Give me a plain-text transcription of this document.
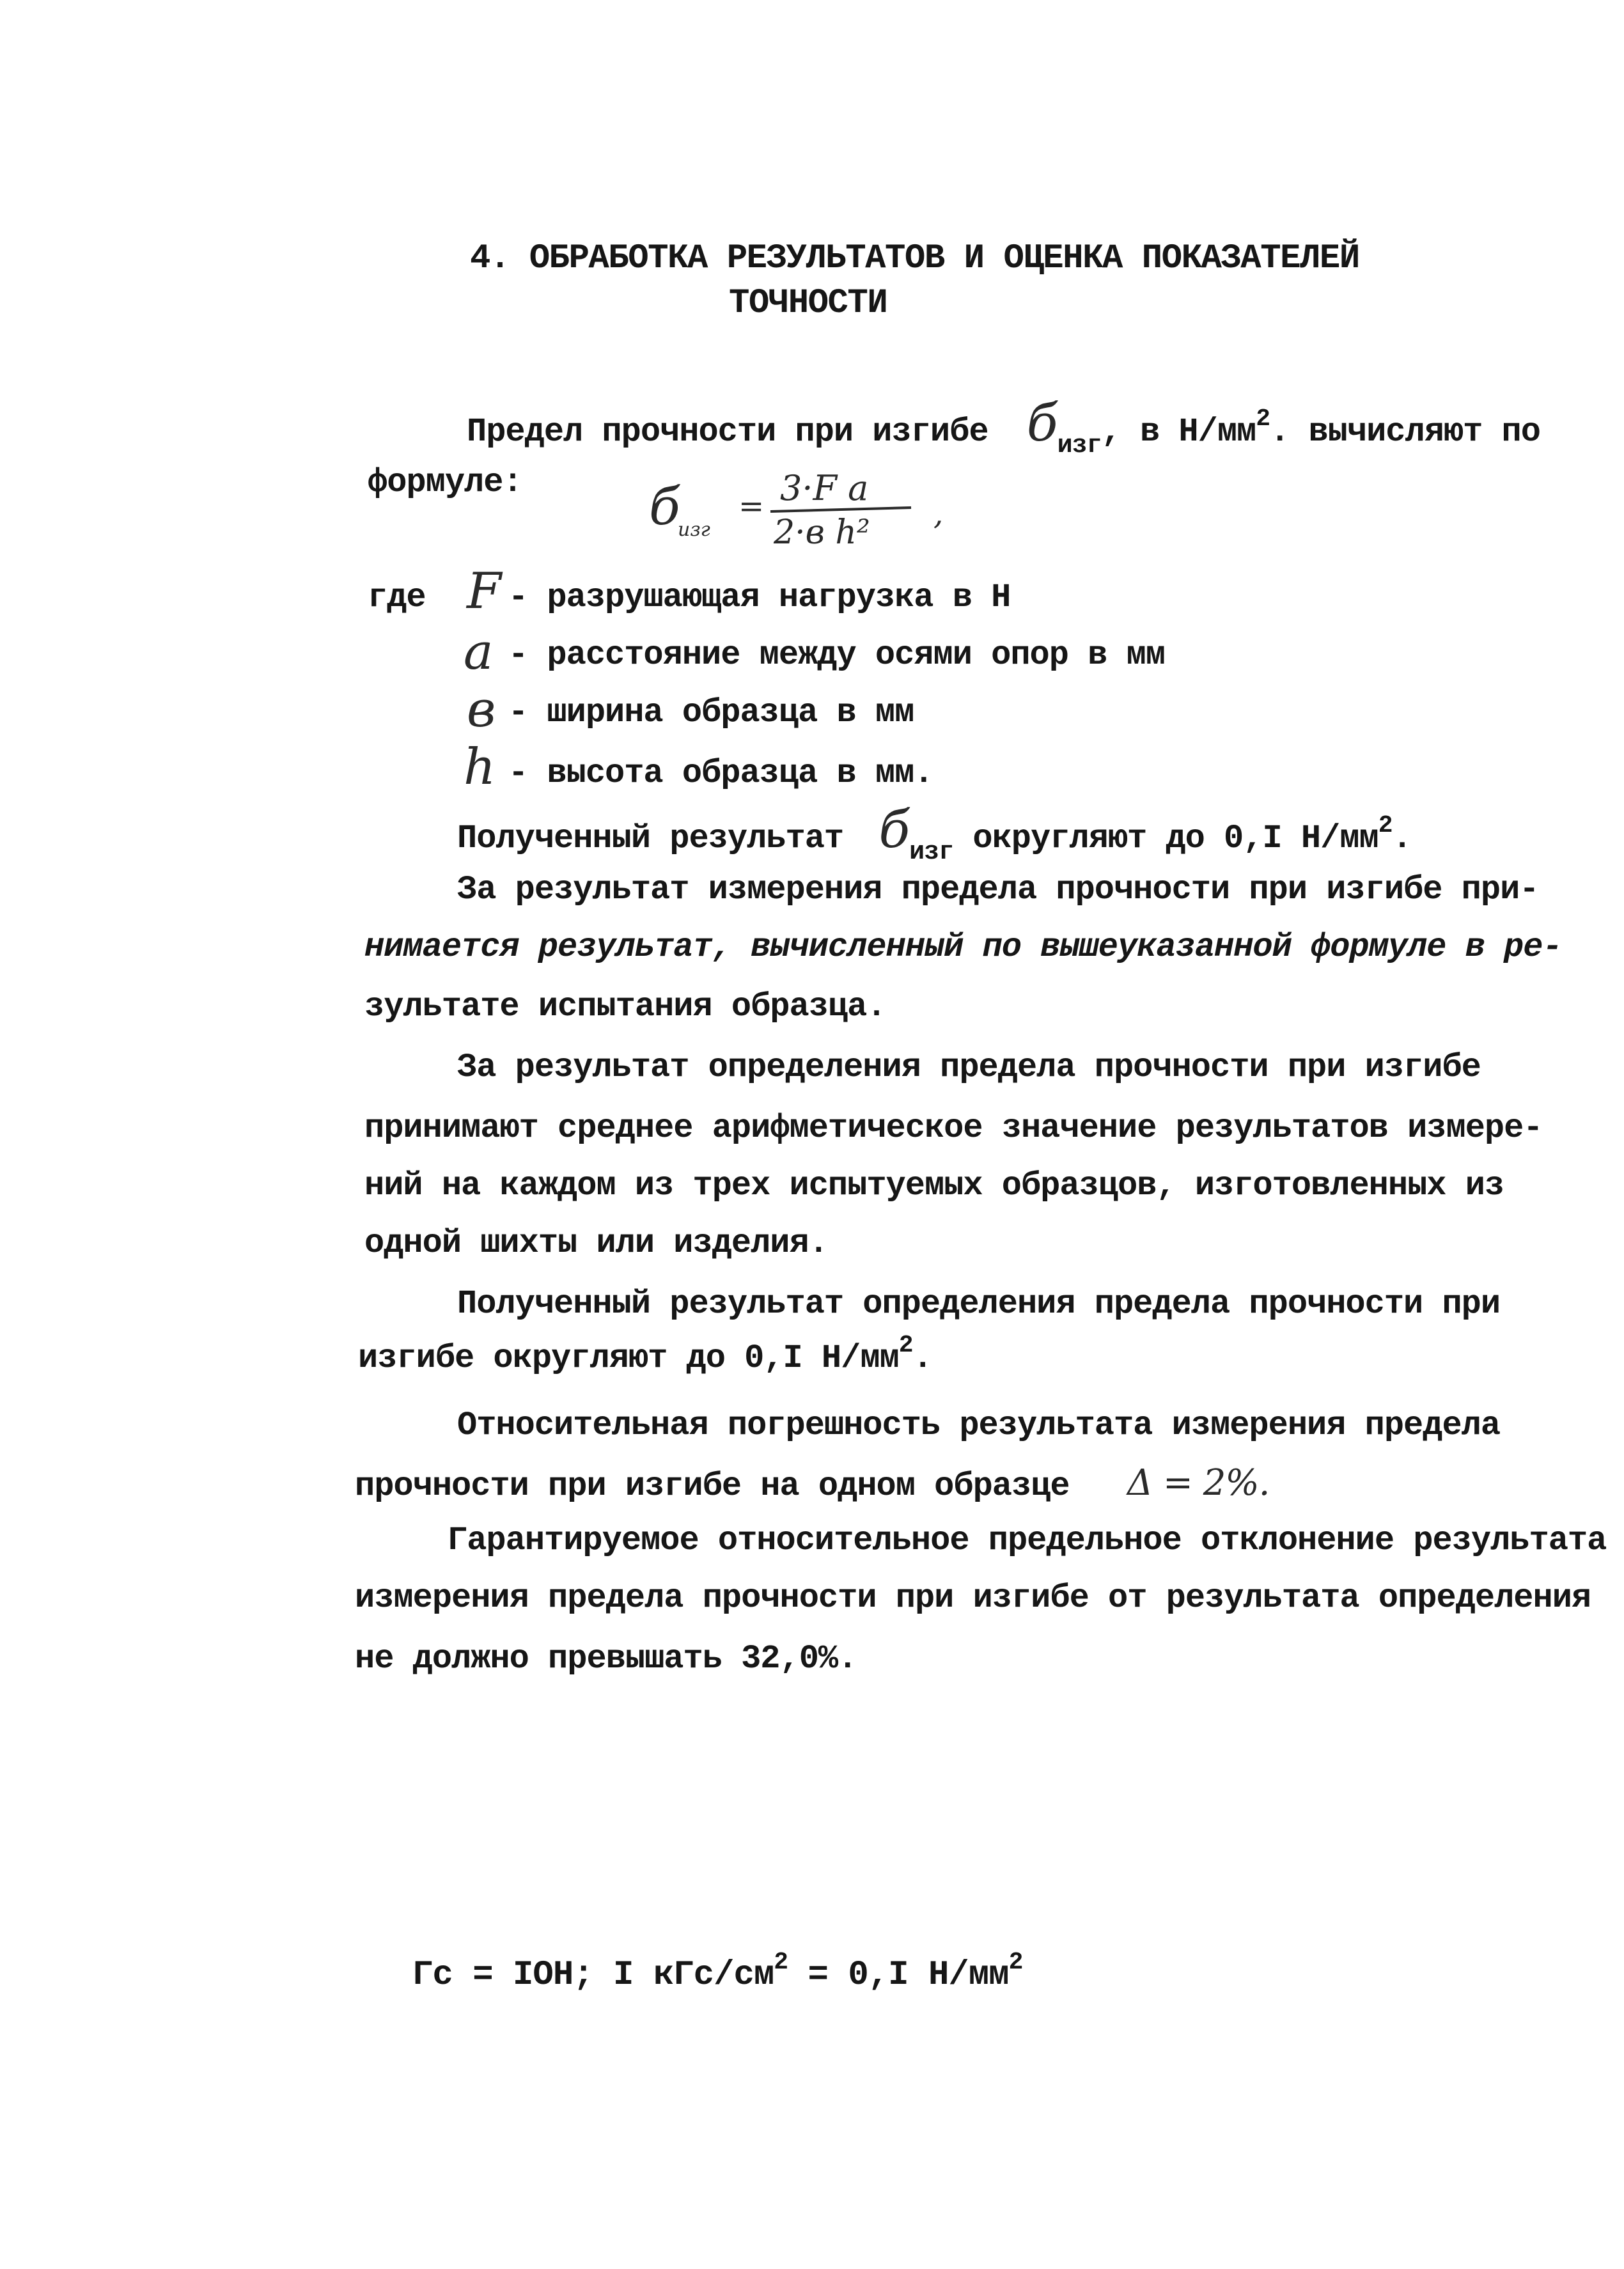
4. ОБРАБОТКА РЕЗУЛЬТАТОВ И ОЦЕНКА ПОКАЗАТЕЛЕЙ
ТОЧНОСТИ
Предел прочности при изгибе $б_{изг}$, в $Н/мм^2$. вычисляют по
формуле: б
изг
= 3·F a
2·в h² ,
где F - разрушающая нагрузка в Н
a - расстояние между осями опор в мм
в - ширина образца в мм
h - высота образца в мм.
Полученный результат $б_{изг}$ округляют до 0,I $Н/мм^2$.
За результат измерения предела прочности при изгибе при-
нимается результат, вычисленный по вышеуказанной формуле в ре-
зультате испытания образца.
За результат определения предела прочности при изгибе
принимают среднее арифметическое значение результатов измере-
ний на каждом из трех испытуемых образцов, изготовленных из
одной шихты или изделия.
Полученный результат определения предела прочности при
изгибе округляют до 0,I $Н/мм^2$.
Относительная погрешность результата измерения предела
прочности при изгибе на одном образце Δ = 2%.
Гарантируемое относительное предельное отклонение результата
измерения предела прочности при изгибе от результата определения
не должно превышать 32,0%.
Гс = IOH; I кГс/$см^2 = 0,I$ $Н/мм^2$
